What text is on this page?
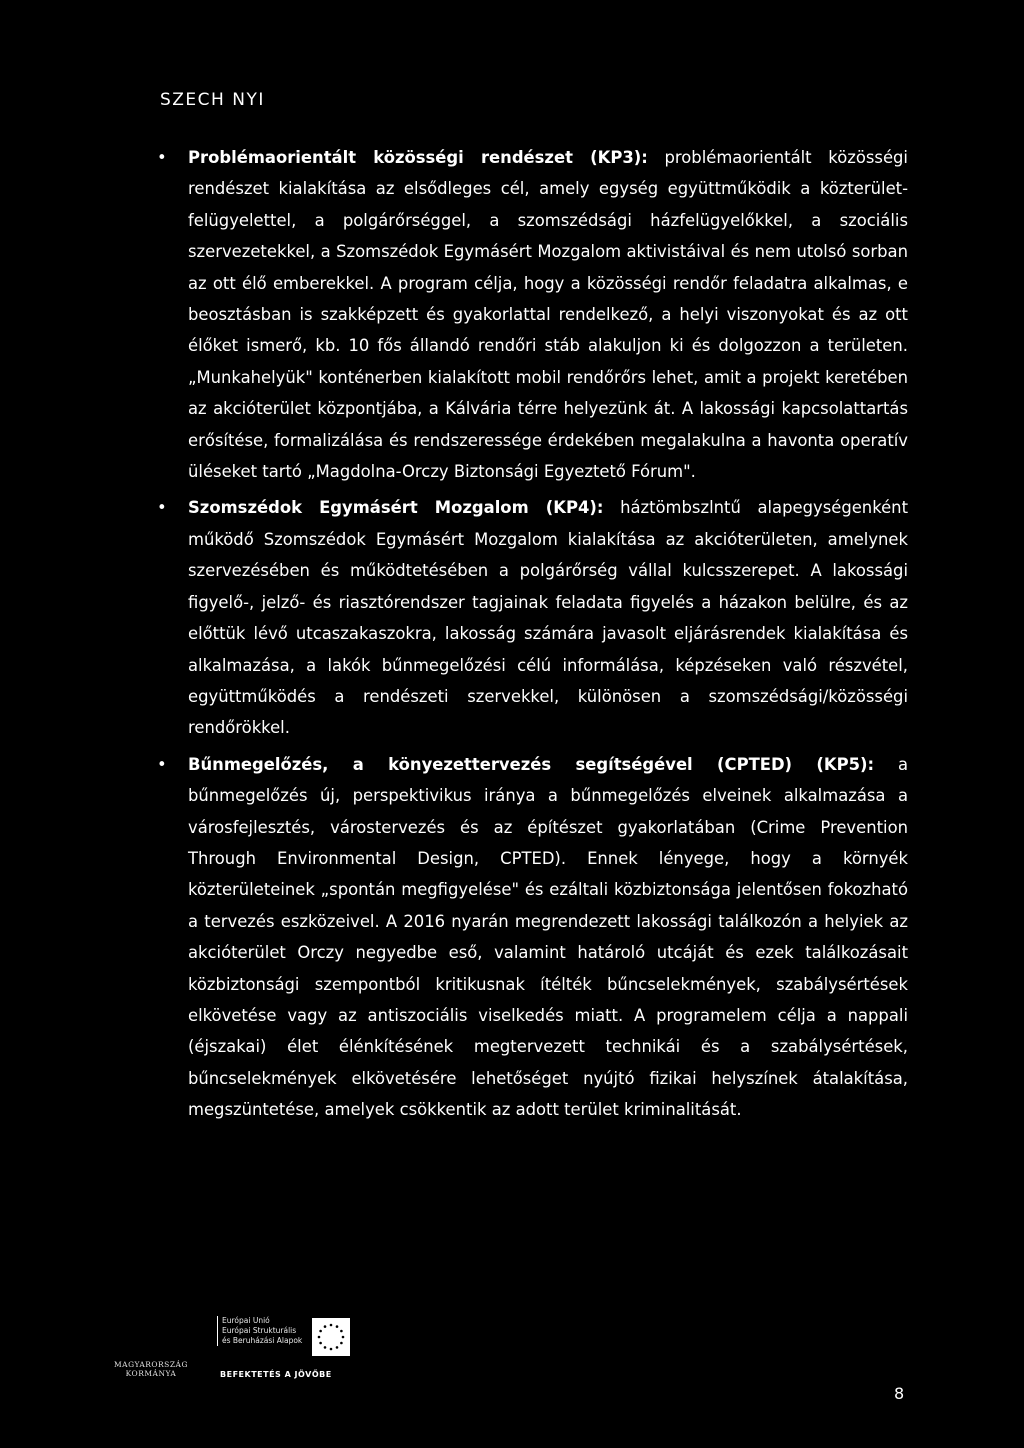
SZECH NYI
• Problémaorientált közösségi rendészet (KP3): problémaorientált közösségi rendészet kialakítása az elsődleges cél, amely egység együttműködik a közterület-felügyelettel, a polgárőrséggel, a szomszédsági házfelügyelőkkel, a szociális szervezetekkel, a Szomszédok Egymásért Mozgalom aktivistáival és nem utolsó sorban az ott élő emberekkel. A program célja, hogy a közösségi rendőr feladatra alkalmas, e beosztásban is szakképzett és gyakorlattal rendelkező, a helyi viszonyokat és az ott élőket ismerő, kb. 10 fős állandó rendőri stáb alakuljon ki és dolgozzon a területen. „Munkahelyük" konténerben kialakított mobil rendőrőrs lehet, amit a projekt keretében az akcióterület központjába, a Kálvária térre helyezünk át. A lakossági kapcsolattartás erősítése, formalizálása és rendszeressége érdekében megalakulna a havonta operatív üléseket tartó „Magdolna-Orczy Biztonsági Egyeztető Fórum".
• Szomszédok Egymásért Mozgalom (KP4): háztömbszlntű alapegységenként működő Szomszédok Egymásért Mozgalom kialakítása az akcióterületen, amelynek szervezésében és működtetésében a polgárőrség vállal kulcsszerepet. A lakossági figyelő-, jelző- és riasztórendszer tagjainak feladata figyelés a házakon belülre, és az előttük lévő utcaszakaszokra, lakosság számára javasolt eljárásrendek kialakítása és alkalmazása, a lakók bűnmegelőzési célú informálása, képzéseken való részvétel, együttműködés a rendészeti szervekkel, különösen a szomszédsági/közösségi rendőrökkel.
• Bűnmegelőzés, a könyezettervezés segítségével (CPTED) (KP5): a bűnmegelőzés új, perspektivikus iránya a bűnmegelőzés elveinek alkalmazása a városfejlesztés, várostervezés és az építészet gyakorlatában (Crime Prevention Through Environmental Design, CPTED). Ennek lényege, hogy a környék közterületeinek „spontán megfigyelése" és ezáltali közbiztonsága jelentősen fokozható a tervezés eszközeivel. A 2016 nyarán megrendezett lakossági találkozón a helyiek az akcióterület Orczy negyedbe eső, valamint határoló utcáját és ezek találkozásait közbiztonsági szempontból kritikusnak ítélték bűncselekmények, szabálysértések elkövetése vagy az antiszociális viselkedés miatt. A programelem célja a nappali (éjszakai) élet élénkítésének megtervezett technikái és a szabálysértések, bűncselekmények elkövetésére lehetőséget nyújtó fizikai helyszínek átalakítása, megszüntetése, amelyek csökkentik az adott terület kriminalitását.
8
MAGYARORSZÁG
KORMÁNYA
Európai Unió
Európai Strukturális
és Beruházási Alapok
BEFEKTETÉS A JÖVŐBE
